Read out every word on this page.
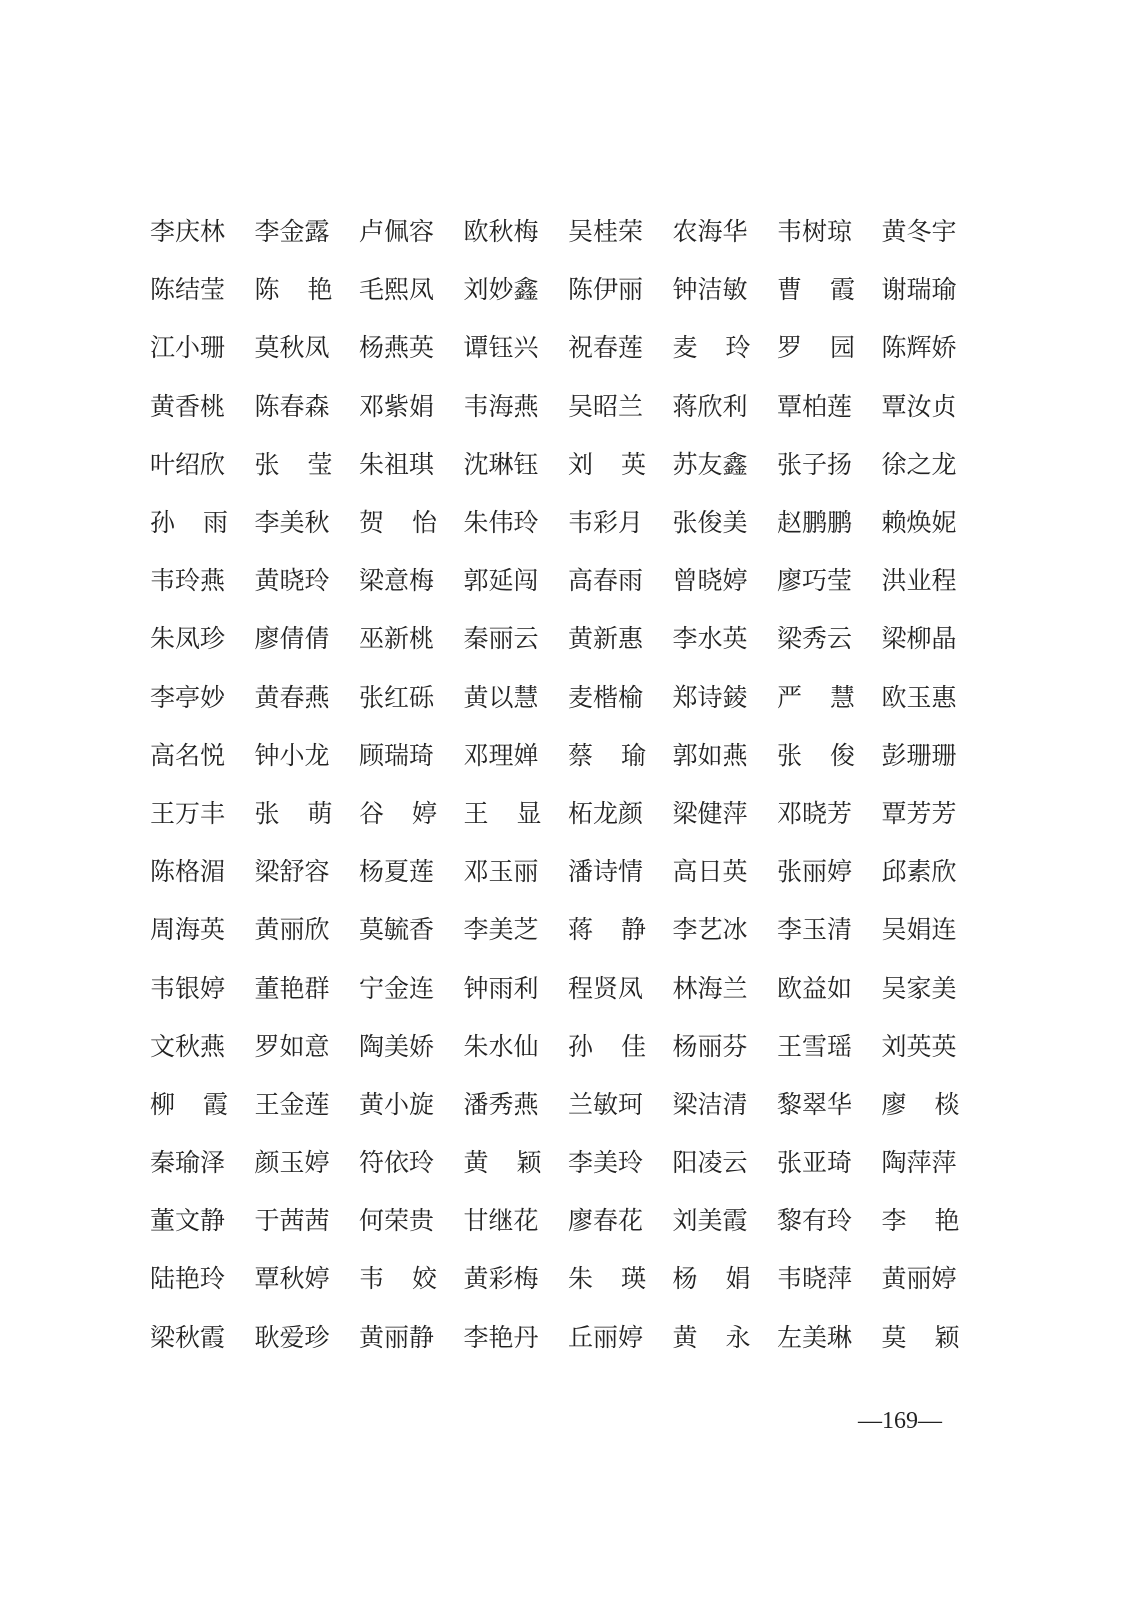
李庆林 李金露 卢佩容 欧秋梅 吴桂荣 农海华 韦树琼 黄冬宇
陈结莹 陈 艳 毛熙凤 刘妙鑫 陈伊丽 钟洁敏 曹 霞 谢瑞瑜
江小珊 莫秋凤 杨燕英 谭钰兴 祝春莲 麦 玲 罗 园 陈辉娇
黄香桃 陈春森 邓紫娟 韦海燕 吴昭兰 蒋欣利 覃柏莲 覃汝贞
叶绍欣 张 莹 朱祖琪 沈琳钰 刘 英 苏友鑫 张子扬 徐之龙
孙 雨 李美秋 贺 怡 朱伟玲 韦彩月 张俊美 赵鹏鹏 赖焕妮
韦玲燕 黄晓玲 梁意梅 郭延闯 高春雨 曾晓婷 廖巧莹 洪业程
朱凤珍 廖倩倩 巫新桃 秦丽云 黄新惠 李水英 梁秀云 梁柳晶
李亭妙 黄春燕 张红砾 黄以慧 麦楷榆 郑诗錂 严 慧 欧玉惠
高名悦 钟小龙 顾瑞琦 邓理婵 蔡 瑜 郭如燕 张 俊 彭珊珊
王万丰 张 萌 谷 婷 王 显 柘龙颜 梁健萍 邓晓芳 覃芳芳
陈格湄 梁舒容 杨夏莲 邓玉丽 潘诗情 高日英 张丽婷 邱素欣
周海英 黄丽欣 莫毓香 李美芝 蒋 静 李艺冰 李玉清 吴娟连
韦银婷 董艳群 宁金连 钟雨利 程贤凤 林海兰 欧益如 吴家美
文秋燕 罗如意 陶美娇 朱水仙 孙 佳 杨丽芬 王雪瑶 刘英英
柳 霞 王金莲 黄小旋 潘秀燕 兰敏珂 梁洁清 黎翠华 廖 棪
秦瑜泽 颜玉婷 符依玲 黄 颖 李美玲 阳凌云 张亚琦 陶萍萍
董文静 于茜茜 何荣贵 甘继花 廖春花 刘美霞 黎有玲 李 艳
陆艳玲 覃秋婷 韦 姣 黄彩梅 朱 瑛 杨 娟 韦晓萍 黄丽婷
梁秋霞 耿爱珍 黄丽静 李艳丹 丘丽婷 黄 永 左美琳 莫 颖
—169—
